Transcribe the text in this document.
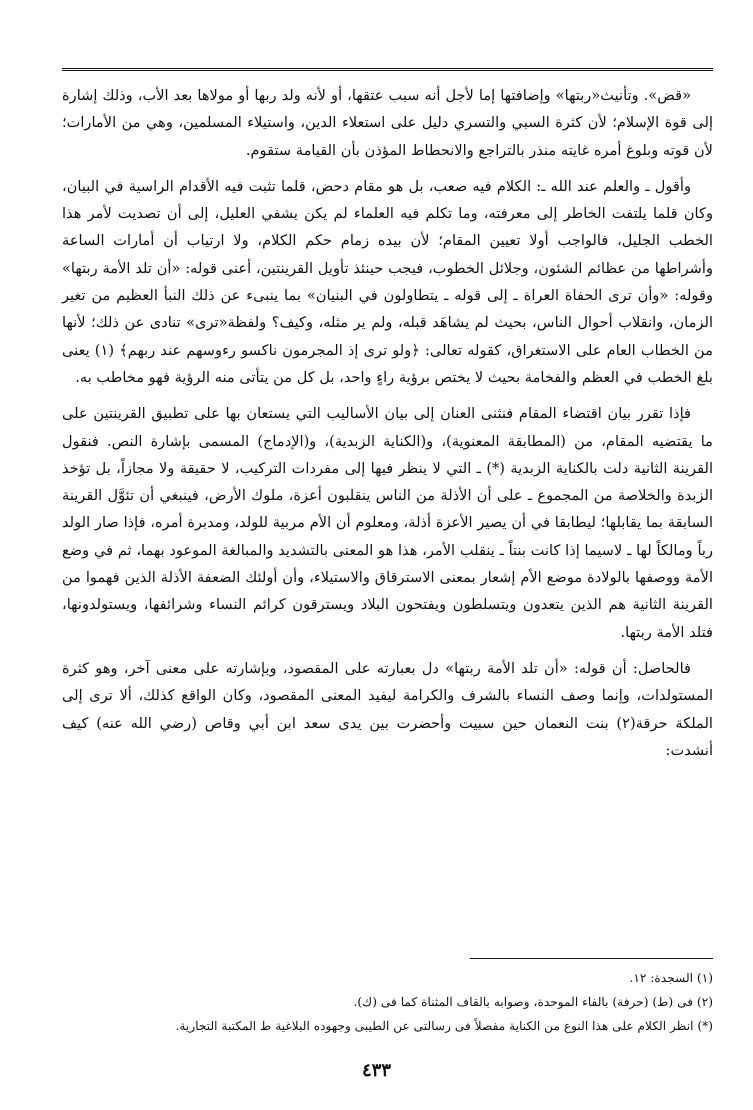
«قض». وتأنيث«ربتها» وإضافتها إما لأجل أنه سبب عتقها، أو لأنه ولد ربها أو مولاها بعد الأب، وذلك إشارة إلى قوة الإسلام؛ لأن كثرة السبي والتسري دليل على استعلاء الدين، واستيلاء المسلمين، وهي من الأمارات؛ لأن قوته وبلوغ أمره غايته منذر بالتراجع والانحطاط المؤذن بأن القيامة ستقوم.

وأقول ـ والعلم عند الله ـ: الكلام فيه صعب، بل هو مقام دحض، قلما تثبت فيه الأقدام الراسية في البيان، وكان قلما يلتفت الخاطر إلى معرفته، وما تكلم فيه العلماء لم يكن يشفي العليل، إلى أن تصديت لأمر هذا الخطب الجليل، فالواجب أولا تعيين المقام؛ لأن بيده زمام حكم الكلام، ولا ارتياب أن أمارات الساعة وأشراطها من عظائم الشئون، وجلائل الخطوب، فيجب حينئذ تأويل القرينتين، أعنى قوله: «أن تلد الأمة ربتها» وقوله: «وأن ترى الحفاة العراة ـ إلى قوله ـ يتطاولون في البنيان» بما ينبىء عن ذلك النبأ العظيم من تغير الزمان، وانقلاب أحوال الناس، بحيث لم يشاهَد قبله، ولم ير مثله، وكيف؟ ولفظة«ترى» تنادى عن ذلك؛ لأنها من الخطاب العام على الاستغراق، كقوله تعالى: ﴿ولو ترى إذ المجرمون ناكسو رءوسهم عند ربهم﴾ (١) يعنى بلغ الخطب في العظم والفخامة بحيث لا يختص برؤية راءٍ واحد، بل كل من يتأتى منه الرؤية فهو مخاطب به.

فإذا تقرر بيان اقتضاء المقام فنثنى العنان إلى بيان الأساليب التي يستعان بها على تطبيق القرينتين على ما يقتضيه المقام، من (المطابقة المعنوية)، و(الكناية الزبدية)، و(الإدماج) المسمى بإشارة النص. فنقول القرينة الثانية دلت بالكناية الزبدية (*) ـ التي لا ينظر فيها إلى مفردات التركيب، لا حقيقة ولا مجازاً، بل تؤخذ الزبدة والخلاصة من المجموع ـ على أن الأذلة من الناس ينقلبون أعزة، ملوك الأرض، فينبغي أن تئوَّل القرينة السابقة بما يقابلها؛ ليطابقا في أن يصير الأعزة أذلة، ومعلوم أن الأم مربية للولد، ومدبرة أمره، فإذا صار الولد رباً ومالكاً لها ـ لاسيما إذا كانت بنتاً ـ ينقلب الأمر، هذا هو المعنى بالتشديد والمبالغة الموعود بهما، ثم في وضع الأمة ووصفها بالولادة موضع الأم إشعار بمعنى الاسترقاق والاستيلاء، وأن أولئك الضعفة الأذلة الذين فهموا من القرينة الثانية هم الذين يتعدون ويتسلطون ويفتحون البلاد ويسترقون كرائم النساء وشرائفها، ويستولدونها، فتلد الأمة ربتها.

فالحاصل: أن قوله: «أن تلد الأمة ربتها» دل بعبارته على المقصود، وبإشارته على معنى آخر، وهو كثرة المستولدات، وإنما وصف النساء بالشرف والكرامة ليفيد المعنى المقصود، وكان الواقع كذلك، ألا ترى إلى الملكة حرقة(٢) بنت النعمان حين سبيت وأحضرت بين يدى سعد ابن أبي وقاص (رضي الله عنه) كيف أنشدت:

(١) السجدة: ١٢.

(٢) فى (ط) (حرفة) بالفاء الموحدة، وصوابه بالقاف المثناة كما فى (ك).

(*) انظر الكلام على هذا النوع من الكناية مفصلاً فى رسالتى عن الطيبى وجهوده البلاغية ط المكتبة التجارية.

٤٣٣
